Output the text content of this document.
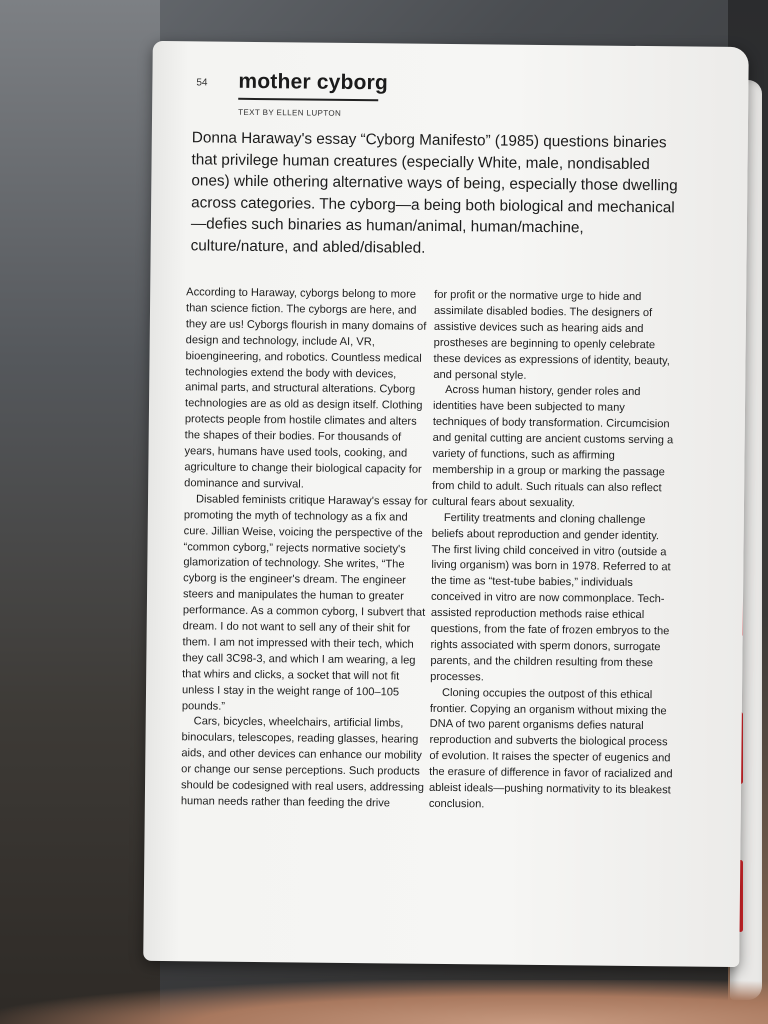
54 mother cyborg
TEXT BY ELLEN LUPTON
Donna Haraway's essay “Cyborg Manifesto” (1985) questions binaries that privilege human creatures (especially White, male, nondisabled ones) while othering alternative ways of being, especially those dwelling across categories. The cyborg—a being both biological and mechanical—defies such binaries as human/animal, human/machine, culture/nature, and abled/disabled.

According to Haraway, cyborgs belong to more than science fiction. The cyborgs are here, and they are us! Cyborgs flourish in many domains of design and technology, include AI, VR, bioengineering, and robotics. Countless medical technologies extend the body with devices, animal parts, and structural alterations. Cyborg technologies are as old as design itself. Clothing protects people from hostile climates and alters the shapes of their bodies. For thousands of years, humans have used tools, cooking, and agriculture to change their biological capacity for dominance and survival.

Disabled feminists critique Haraway's essay for promoting the myth of technology as a fix and cure. Jillian Weise, voicing the perspective of the “common cyborg,” rejects normative society's glamorization of technology. She writes, “The cyborg is the engineer's dream. The engineer steers and manipulates the human to greater performance. As a common cyborg, I subvert that dream. I do not want to sell any of their shit for them. I am not impressed with their tech, which they call 3C98-3, and which I am wearing, a leg that whirs and clicks, a socket that will not fit unless I stay in the weight range of 100–105 pounds.”

Cars, bicycles, wheelchairs, artificial limbs, binoculars, telescopes, reading glasses, hearing aids, and other devices can enhance our mobility or change our sense perceptions. Such products should be codesigned with real users, addressing human needs rather than feeding the drive

for profit or the normative urge to hide and assimilate disabled bodies. The designers of assistive devices such as hearing aids and prostheses are beginning to openly celebrate these devices as expressions of identity, beauty, and personal style.

Across human history, gender roles and identities have been subjected to many techniques of body transformation. Circumcision and genital cutting are ancient customs serving a variety of functions, such as affirming membership in a group or marking the passage from child to adult. Such rituals can also reflect cultural fears about sexuality.

Fertility treatments and cloning challenge beliefs about reproduction and gender identity. The first living child conceived in vitro (outside a living organism) was born in 1978. Referred to at the time as “test-tube babies,” individuals conceived in vitro are now commonplace. Tech-assisted reproduction methods raise ethical questions, from the fate of frozen embryos to the rights associated with sperm donors, surrogate parents, and the children resulting from these processes.

Cloning occupies the outpost of this ethical frontier. Copying an organism without mixing the DNA of two parent organisms defies natural reproduction and subverts the biological process of evolution. It raises the specter of eugenics and the erasure of difference in favor of racialized and ableist ideals—pushing normativity to its bleakest conclusion.
